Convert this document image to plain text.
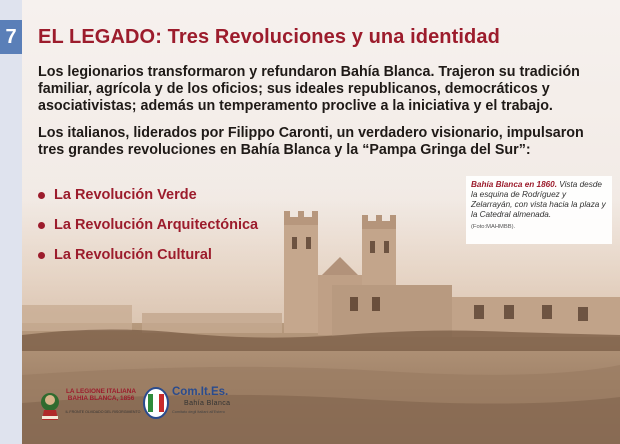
7 EL LEGADO: Tres Revoluciones y una identidad
Los legionarios transformaron y refundaron Bahía Blanca. Trajeron su tradición familiar, agrícola y de los oficios; sus ideales republicanos, democráticos y asociativistas; además un temperamento proclive a la iniciativa y el trabajo.
Los italianos, liderados por Filippo Caronti, un verdadero visionario, impulsaron tres grandes revoluciones en Bahía Blanca y la “Pampa Gringa del Sur”:
La Revolución Verde
La Revolución Arquitectónica
La Revolución Cultural
Bahía Blanca en 1860. Vista desde la esquina de Rodríguez y Zelarrayán, con vista hacia la plaza y la Catedral almenada.
(Foto:MAHMBB).
LA LEGIONE ITALIANA BAHIA BLANCA, 1856
IL FRONTE OLVIDADO DEL RISORGIMENTO
Com.It.Es.
Bahía Blanca
Comitato degli Italiani all'Estero
